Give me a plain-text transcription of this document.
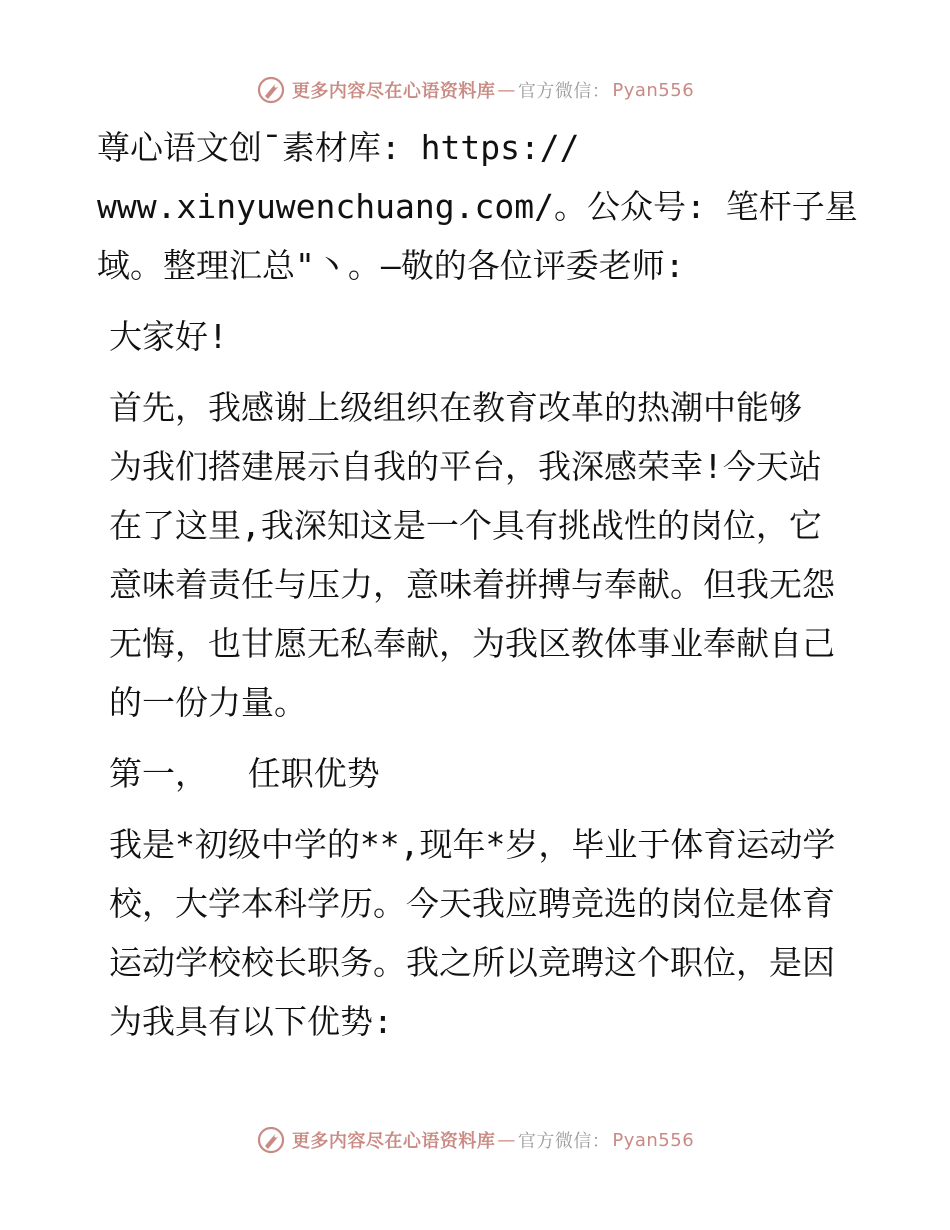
更多内容尽在心语资料库 — 官方微信： Pyan556

尊心语文创¯素材库: https://
www.xinyuwenchuang.com/。公众号: 笔杆子星
域。整理汇总"丶。—敬的各位评委老师:

大家好!

首先，我感谢上级组织在教育改革的热潮中能够
为我们搭建展示自我的平台，我深感荣幸!今天站
在了这里,我深知这是一个具有挑战性的岗位，它
意味着责任与压力，意味着拼搏与奉献。但我无怨
无悔，也甘愿无私奉献，为我区教体事业奉献自己
的一份力量。

第一，  任职优势

我是*初级中学的**,现年*岁，毕业于体育运动学
校，大学本科学历。今天我应聘竞选的岗位是体育
运动学校校长职务。我之所以竞聘这个职位，是因
为我具有以下优势:

更多内容尽在心语资料库 — 官方微信： Pyan556
